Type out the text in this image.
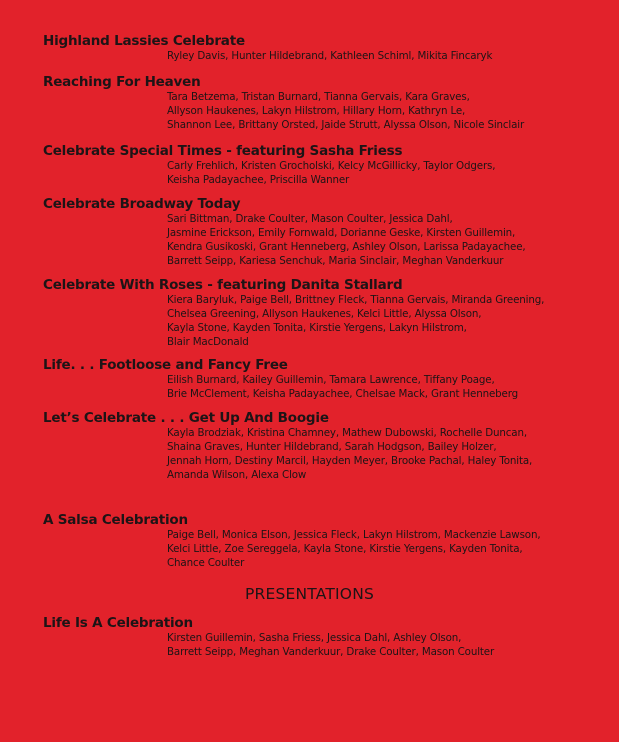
Highland Lassies Celebrate
Ryley Davis, Hunter Hildebrand, Kathleen Schiml, Mikita Fincaryk
Reaching For Heaven
Tara Betzema, Tristan Burnard, Tianna Gervais, Kara Graves,
Allyson Haukenes, Lakyn Hilstrom, Hillary Horn, Kathryn Le,
Shannon Lee, Brittany Orsted, Jaide Strutt, Alyssa Olson, Nicole Sinclair
Celebrate Special Times - featuring Sasha Friess
Carly Frehlich, Kristen Grocholski, Kelcy McGillicky, Taylor Odgers,
Keisha Padayachee, Priscilla Wanner
Celebrate Broadway Today
Sari Bittman, Drake Coulter, Mason Coulter, Jessica Dahl,
Jasmine Erickson, Emily Fornwald, Dorianne Geske, Kirsten Guillemin,
Kendra Gusikoski, Grant Henneberg, Ashley Olson, Larissa Padayachee,
Barrett Seipp, Kariesa Senchuk, Maria Sinclair, Meghan Vanderkuur
Celebrate With Roses - featuring Danita Stallard
Kiera Baryluk, Paige Bell, Brittney Fleck, Tianna Gervais, Miranda Greening,
Chelsea Greening, Allyson Haukenes, Kelci Little, Alyssa Olson,
Kayla Stone, Kayden Tonita, Kirstie Yergens, Lakyn Hilstrom,
Blair MacDonald
Life. . . Footloose and Fancy Free
Eilish Burnard, Kailey Guillemin, Tamara Lawrence, Tiffany Poage,
Brie McClement, Keisha Padayachee, Chelsae Mack, Grant Henneberg
Let’s Celebrate . . . Get Up And Boogie
Kayla Brodziak, Kristina Chamney, Mathew Dubowski, Rochelle Duncan,
Shaina Graves, Hunter Hildebrand, Sarah Hodgson, Bailey Holzer,
Jennah Horn, Destiny Marcil, Hayden Meyer, Brooke Pachal, Haley Tonita,
Amanda Wilson, Alexa Clow
A Salsa Celebration
Paige Bell, Monica Elson, Jessica Fleck, Lakyn Hilstrom, Mackenzie Lawson,
Kelci Little, Zoe Sereggela, Kayla Stone, Kirstie Yergens, Kayden Tonita,
Chance Coulter
PRESENTATIONS
Life Is A Celebration
Kirsten Guillemin, Sasha Friess, Jessica Dahl, Ashley Olson,
Barrett Seipp, Meghan Vanderkuur, Drake Coulter, Mason Coulter
